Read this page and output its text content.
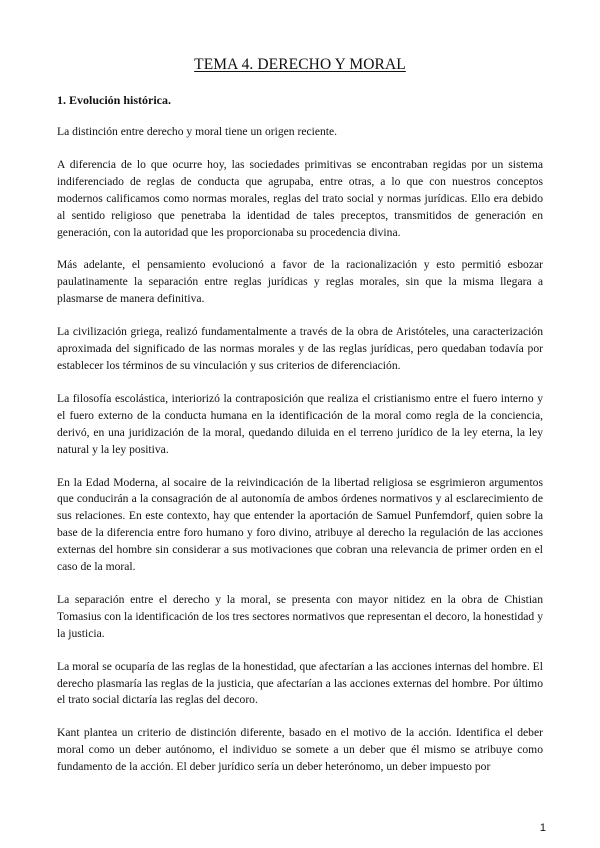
TEMA 4. DERECHO Y MORAL
1. Evolución histórica.

La distinción entre derecho y moral tiene un origen reciente.

A diferencia de lo que ocurre hoy, las sociedades primitivas se encontraban regidas por un sistema indiferenciado de reglas de conducta que agrupaba, entre otras, a lo que con nuestros conceptos modernos calificamos como normas morales, reglas del trato social y normas jurídicas. Ello era debido al sentido religioso que penetraba la identidad de tales preceptos, transmitidos de generación en generación, con la autoridad que les proporcionaba su procedencia divina.

Más adelante, el pensamiento evolucionó a favor de la racionalización y esto permitió esbozar paulatinamente la separación entre reglas jurídicas y reglas morales, sin que la misma llegara a plasmarse de manera definitiva.

La civilización griega, realizó fundamentalmente a través de la obra de Aristóteles, una caracterización aproximada del significado de las normas morales y de las reglas jurídicas, pero quedaban todavía por establecer los términos de su vinculación y sus criterios de diferenciación.

La filosofía escolástica, interiorizó la contraposición que realiza el cristianismo entre el fuero interno y el fuero externo de la conducta humana en la identificación de la moral como regla de la conciencia, derivó, en una juridización de la moral, quedando diluida en el terreno jurídico de la ley eterna, la ley natural y la ley positiva.

En la Edad Moderna, al socaire de la reivindicación de la libertad religiosa se esgrimieron argumentos que conducirán a la consagración de al autonomía de ambos órdenes normativos y al esclarecimiento de sus relaciones. En este contexto, hay que entender la aportación de Samuel Punfemdorf, quien sobre la base de la diferencia entre foro humano y foro divino, atribuye al derecho la regulación de las acciones externas del hombre sin considerar a sus motivaciones que cobran una relevancia de primer orden en el caso de la moral.

La separación entre el derecho y la moral, se presenta con mayor nitidez en la obra de Chistian Tomasius con la identificación de los tres sectores normativos que representan el decoro, la honestidad y la justicia.

La moral se ocuparía de las reglas de la honestidad, que afectarían a las acciones internas del hombre. El derecho plasmaría las reglas de la justicia, que afectarían a las acciones externas del hombre. Por último el trato social dictaría las reglas del decoro.

Kant plantea un criterio de distinción diferente, basado en el motivo de la acción. Identifica el deber moral como un deber autónomo, el individuo se somete a un deber que él mismo se atribuye como fundamento de la acción. El deber jurídico sería un deber heterónomo, un deber impuesto por

1
